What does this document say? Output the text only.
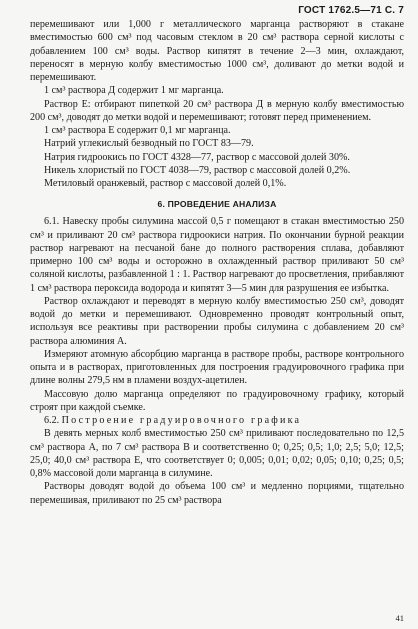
ГОСТ 1762.5—71 С. 7

перемешивают или 1,000 г металлического марганца растворяют в стакане вместимостью 600 см³ под часовым стеклом в 20 см³ раствора серной кислоты с добавлением 100 см³ воды. Раствор кипятят в течение 2—3 мин, охлаждают, переносят в мерную колбу вместимостью 1000 см³, доливают до метки водой и перемешивают.

1 см³ раствора Д содержит 1 мг марганца.

Раствор Е: отбирают пипеткой 20 см³ раствора Д в мерную колбу вместимостью 200 см³, доводят до метки водой и перемешивают; готовят перед применением.

1 см³ раствора Е содержит 0,1 мг марганца.

Натрий углекислый безводный по ГОСТ 83—79.

Натрия гидроокись по ГОСТ 4328—77, раствор с массовой долей 30%.

Никель хлористый по ГОСТ 4038—79, раствор с массовой долей 0,2%.

Метиловый оранжевый, раствор с массовой долей 0,1%.

6. ПРОВЕДЕНИЕ АНАЛИЗА

6.1. Навеску пробы силумина массой 0,5 г помещают в стакан вместимостью 250 см³ и приливают 20 см³ раствора гидроокиси натрия. По окончании бурной реакции раствор нагревают на песчаной бане до полного растворения сплава, добавляют примерно 100 см³ воды и осторожно в охлажденный раствор приливают 50 см³ соляной кислоты, разбавленной 1 : 1. Раствор нагревают до просветления, прибавляют 1 см³ раствора пероксида водорода и кипятят 3—5 мин для разрушения ее избытка.

Раствор охлаждают и переводят в мерную колбу вместимостью 250 см³, доводят водой до метки и перемешивают. Одновременно проводят контрольный опыт, используя все реактивы при растворении пробы силумина с добавлением 20 см³ раствора алюминия А.

Измеряют атомную абсорбцию марганца в растворе пробы, растворе контрольного опыта и в растворах, приготовленных для построения градуировочного графика при длине волны 279,5 нм в пламени воздух-ацетилен.

Массовую долю марганца определяют по градуировочному графику, который строят при каждой съемке.

6.2. Построение градуировочного графика

В девять мерных колб вместимостью 250 см³ приливают последовательно по 12,5 см³ раствора А, по 7 см³ раствора В и соответственно 0; 0,25; 0,5; 1,0; 2,5; 5,0; 12,5; 25,0; 40,0 см³ раствора Е, что соответствует 0; 0,005; 0,01; 0,02; 0,05; 0,10; 0,25; 0,5; 0,8% массовой доли марганца в силумине.

Растворы доводят водой до объема 100 см³ и медленно порциями, тщательно перемешивая, приливают по 25 см³ раствора

41
